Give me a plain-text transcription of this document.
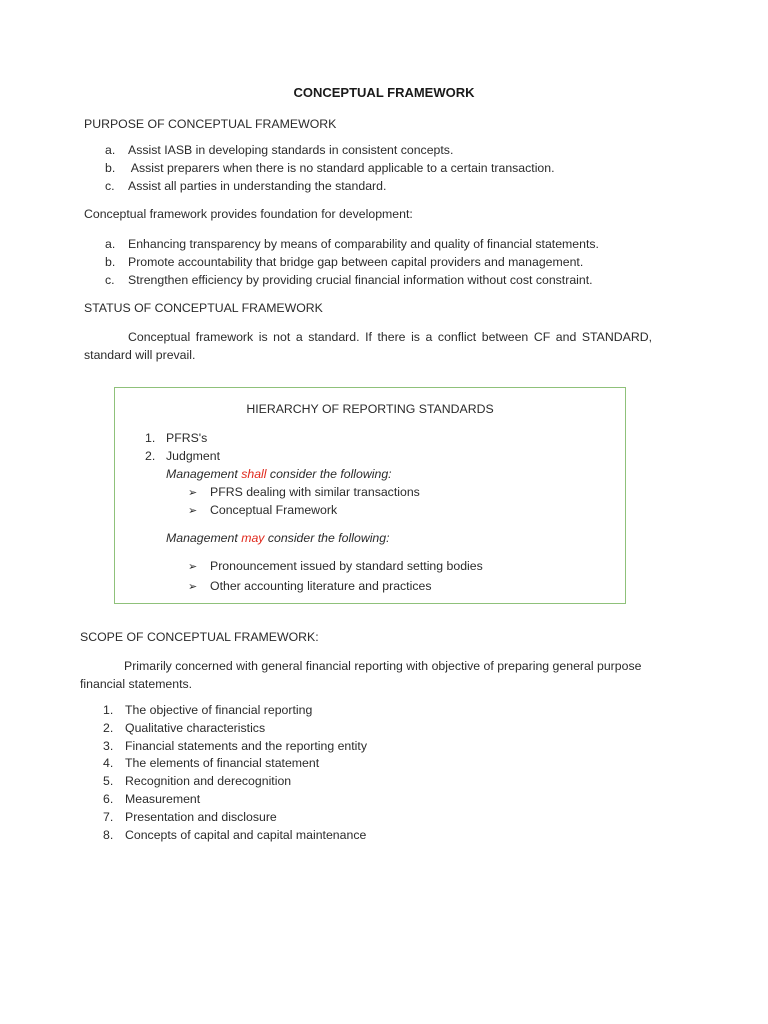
CONCEPTUAL FRAMEWORK
PURPOSE OF CONCEPTUAL FRAMEWORK
a. Assist IASB in developing standards in consistent concepts.
b. Assist preparers when there is no standard applicable to a certain transaction.
c. Assist all parties in understanding the standard.
Conceptual framework provides foundation for development:
a. Enhancing transparency by means of comparability and quality of financial statements.
b. Promote accountability that bridge gap between capital providers and management.
c. Strengthen efficiency by providing crucial financial information without cost constraint.
STATUS OF CONCEPTUAL FRAMEWORK
Conceptual framework is not a standard. If there is a conflict between CF and STANDARD,
standard will prevail.
HIERARCHY OF REPORTING STANDARDS
1. PFRS's
2. Judgment
Management shall consider the following:
➢ PFRS dealing with similar transactions
➢ Conceptual Framework
Management may consider the following:
➢ Pronouncement issued by standard setting bodies
➢ Other accounting literature and practices
SCOPE OF CONCEPTUAL FRAMEWORK:
Primarily concerned with general financial reporting with objective of preparing general purpose
financial statements.
1. The objective of financial reporting
2. Qualitative characteristics
3. Financial statements and the reporting entity
4. The elements of financial statement
5. Recognition and derecognition
6. Measurement
7. Presentation and disclosure
8. Concepts of capital and capital maintenance
